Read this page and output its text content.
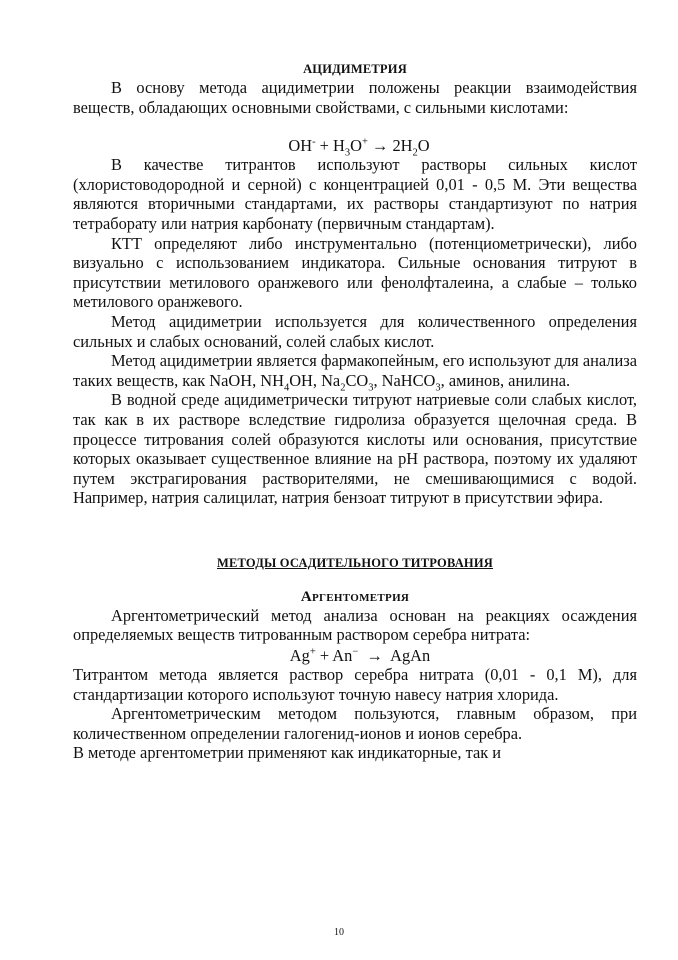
АЦИДИМЕТРИЯ

В основу метода ацидиметрии положены реакции взаимодействия веществ, обладающих основными свойствами, с сильными кислотами:

$OH^- + H_3O^+ \to 2H_2O$

В качестве титрантов используют растворы сильных кислот (хлористоводородной и серной) с концентрацией 0,01 - 0,5 М. Эти вещества являются вторичными стандартами, их растворы стандартизуют по натрия тетраборату или натрия карбонату (первичным стандартам).

КТТ определяют либо инструментально (потенциометрически), либо визуально с использованием индикатора. Сильные основания титруют в присутствии метилового оранжевого или фенолфталеина, а слабые – только метилового оранжевого.

Метод ацидиметрии используется для количественного определения сильных и слабых оснований, солей слабых кислот.

Метод ацидиметрии является фармакопейным, его используют для анализа таких веществ, как NaOH, $NH_4OH$, $Na_2CO_3$, NaHCO$_3$, аминов, анилина.

В водной среде ацидиметрически титруют натриевые соли слабых кислот, так как в их растворе вследствие гидролиза образуется щелочная среда. В процессе титрования солей образуются кислоты или основания, присутствие которых оказывает существенное влияние на pH раствора, поэтому их удаляют путем экстрагирования растворителями, не смешивающимися с водой. Например, натрия салицилат, натрия бензоат титруют в присутствии эфира.

МЕТОДЫ ОСАДИТЕЛЬНОГО ТИТРОВАНИЯ
Аргентометрия

Аргентометрический метод анализа основан на реакциях осаждения определяемых веществ титрованным раствором серебра нитрата:

Ag+ + An−  →  AgAn

Титрантом метода является раствор серебра нитрата (0,01 - 0,1 М), для стандартизации которого используют точную навесу натрия хлорида.

Аргентометрическим методом пользуются, главным образом, при количественном определении галогенид-ионов и ионов серебра.

В методе аргентометрии применяют как индикаторные, так и

10
